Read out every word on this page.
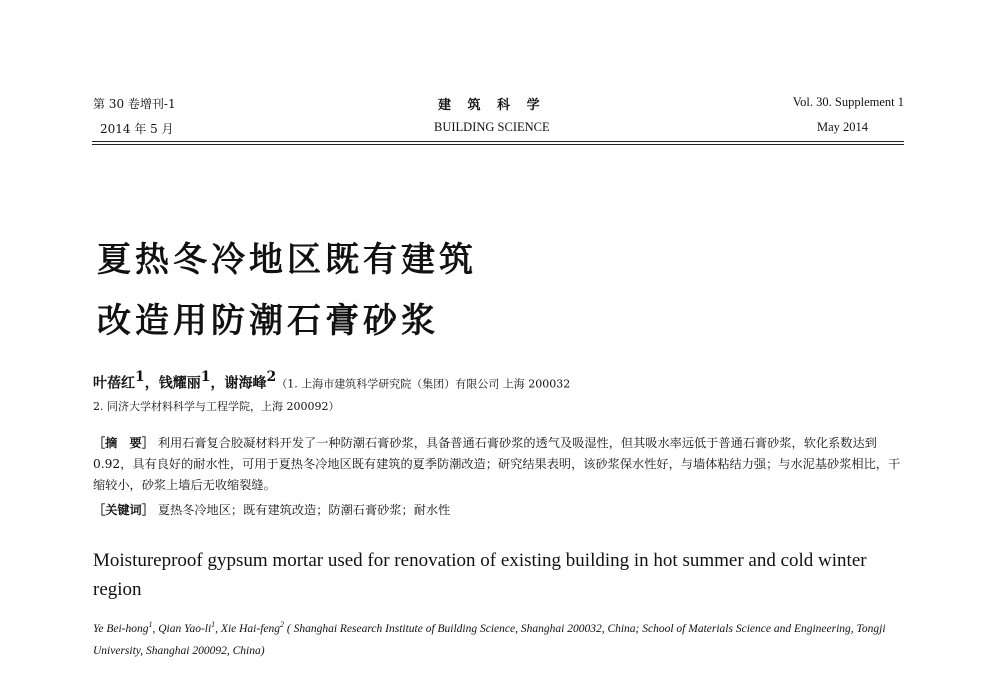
第 30 卷增刊-1
2014 年 5 月
建 筑 科 学
BUILDING SCIENCE
Vol. 30. Supplement 1
May 2014
夏热冬冷地区既有建筑
改造用防潮石膏砂浆
叶蓓红$^1$，钱耀丽$^1$，谢海峰$^2$（1. 上海市建筑科学研究院（集团）有限公司 上海 200032
2. 同济大学材料科学与工程学院，上海 200092）
［摘　要］ 利用石膏复合胶凝材料开发了一种防潮石膏砂浆，具备普通石膏砂浆的透气及吸湿性，但其吸水率远低于普通石膏砂浆，软化系数达到 0.92，具有良好的耐水性，可用于夏热冬冷地区既有建筑的夏季防潮改造；研究结果表明，该砂浆保水性好，与墙体粘结力强；与水泥基砂浆相比，干缩较小，砂浆上墙后无收缩裂缝。
［关键词］ 夏热冬冷地区；既有建筑改造；防潮石膏砂浆；耐水性
Moistureproof gypsum mortar used for renovation of existing building in hot summer and cold winter region
Ye Bei-hong$^1$, Qian Yao-$li^1$, Xie Hai-feng$^2$ ( Shanghai Research Institute of Building Science, Shanghai 200032, China; School of Materials Science and Engineering, Tongji University, Shanghai 200092, China)
